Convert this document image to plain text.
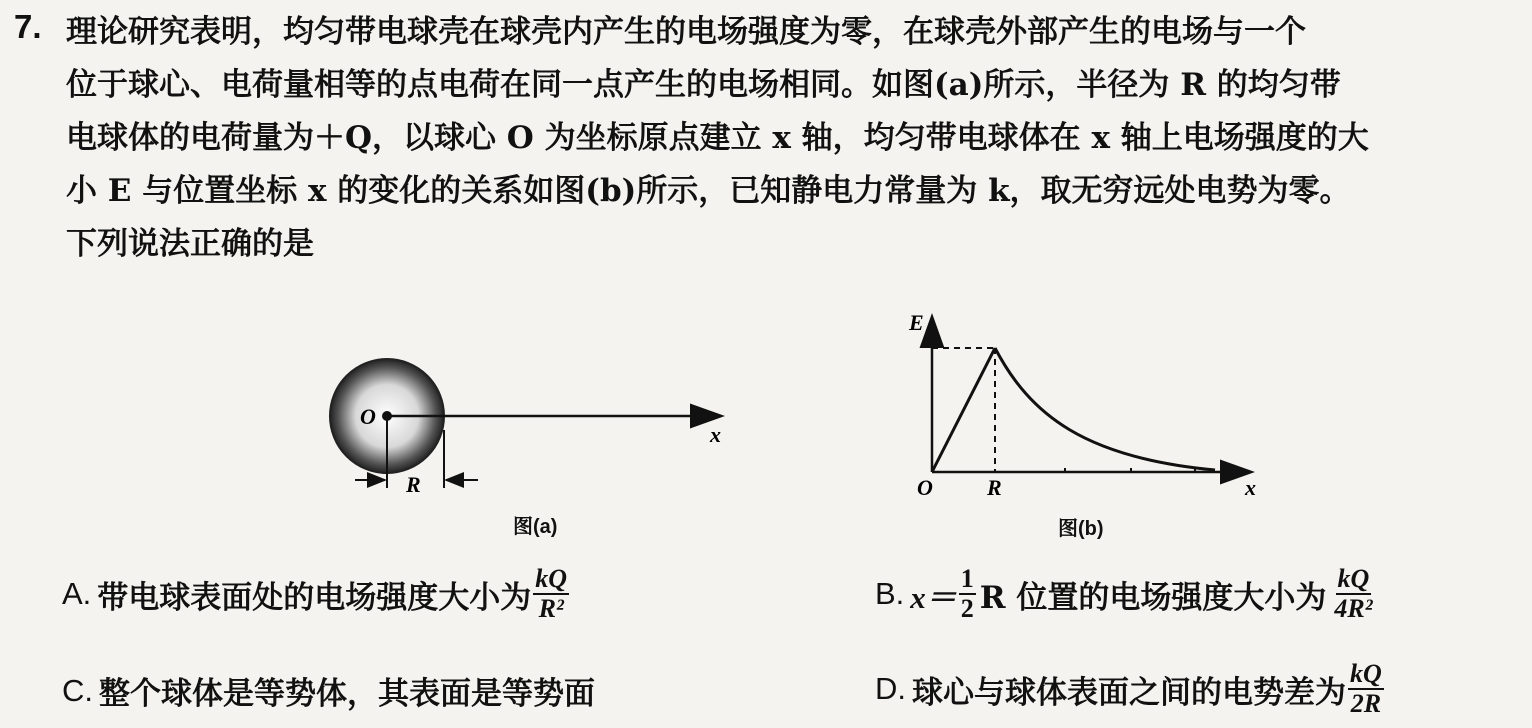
7. 理论研究表明，均匀带电球壳在球壳内产生的电场强度为零，在球壳外部产生的电场与一个
位于球心、电荷量相等的点电荷在同一点产生的电场相同。如图(a)所示，半径为 R 的均匀带
电球体的电荷量为＋Q，以球心 O 为坐标原点建立 x 轴，均匀带电球体在 x 轴上电场强度的大
小 E 与位置坐标 x 的变化的关系如图(b)所示，已知静电力常量为 k，取无穷远处电势为零。
下列说法正确的是
O
x
R
图(a)
E
O R	x
图(b)
A. 带电球表面处的电场强度大小为 $\frac{kQ}{\text{R²}}$	B. $x= \frac{1}{2}$ R 位置的电场强度大小为 $\frac{kQ}{\text{4R²}}$
C. 整个球体是等势体，其表面是等势面	D. 球心与球体表面之间的电势差为 $\frac{kQ}{2R}$
